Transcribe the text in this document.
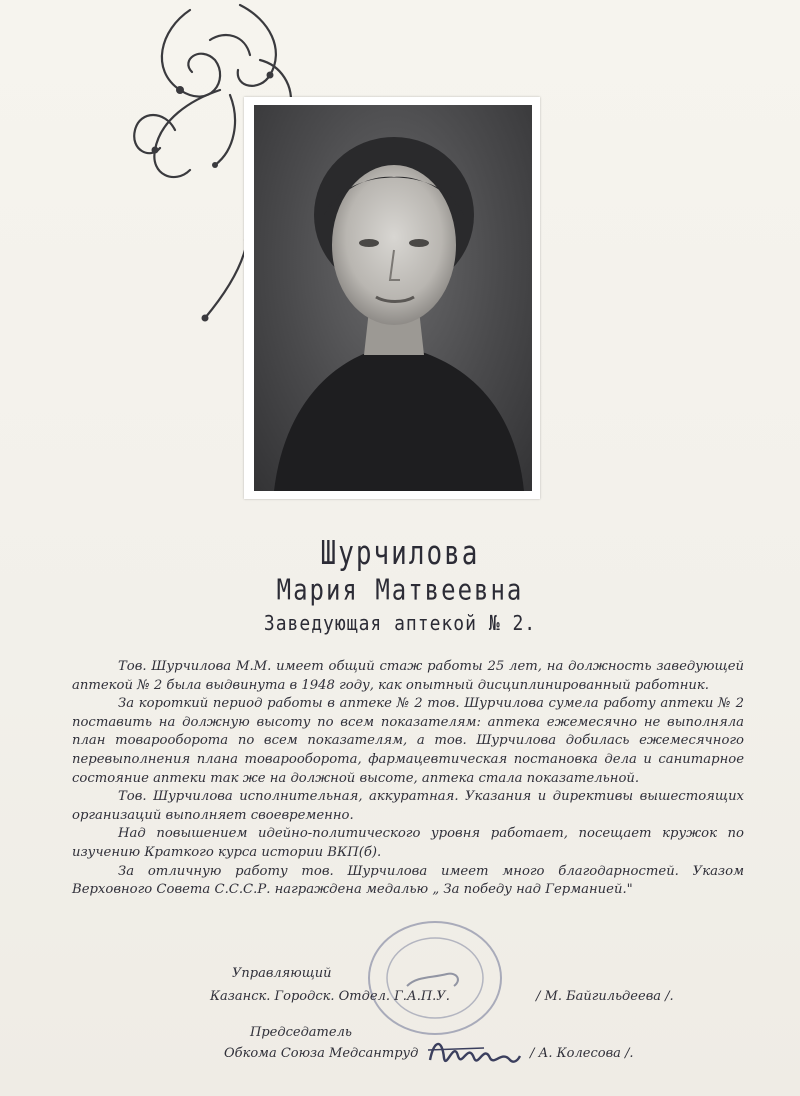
Шурчилова
Мария Матвеевна
Заведующая аптекой № 2.

Тов. Шурчилова М.М. имеет общий стаж работы 25 лет, на должность заведующей аптекой № 2 была выдвинута в 1948 году, как опытный дисциплинированный работник.

За короткий период работы в аптеке № 2 тов. Шурчилова сумела работу аптеки № 2 поставить на должную высоту по всем показателям: аптека ежемесячно не выполняла план товарооборота по всем показателям, а тов. Шурчилова добилась ежемесячного перевыполнения плана товарооборота, фармацевтическая постановка дела и санитарное состояние аптеки так же на должной высоте, аптека стала показательной.

Тов. Шурчилова исполнительная, аккуратная. Указания и директивы вышестоящих организаций выполняет своевременно.

Над повышением идейно-политического уровня работает, посещает кружок по изучению Краткого курса истории ВКП(б).

За отличную работу тов. Шурчилова имеет много благодарностей. Указом Верховного Совета С.С.С.Р. награждена медалью „ За победу над Германией."

Управляющий
Казанск. Городск. Отдел. Г.А.П.У.	/ М. Байгильдеева /.
Председатель
Обкома Союза Медсантруд	/ А. Колесова /.
